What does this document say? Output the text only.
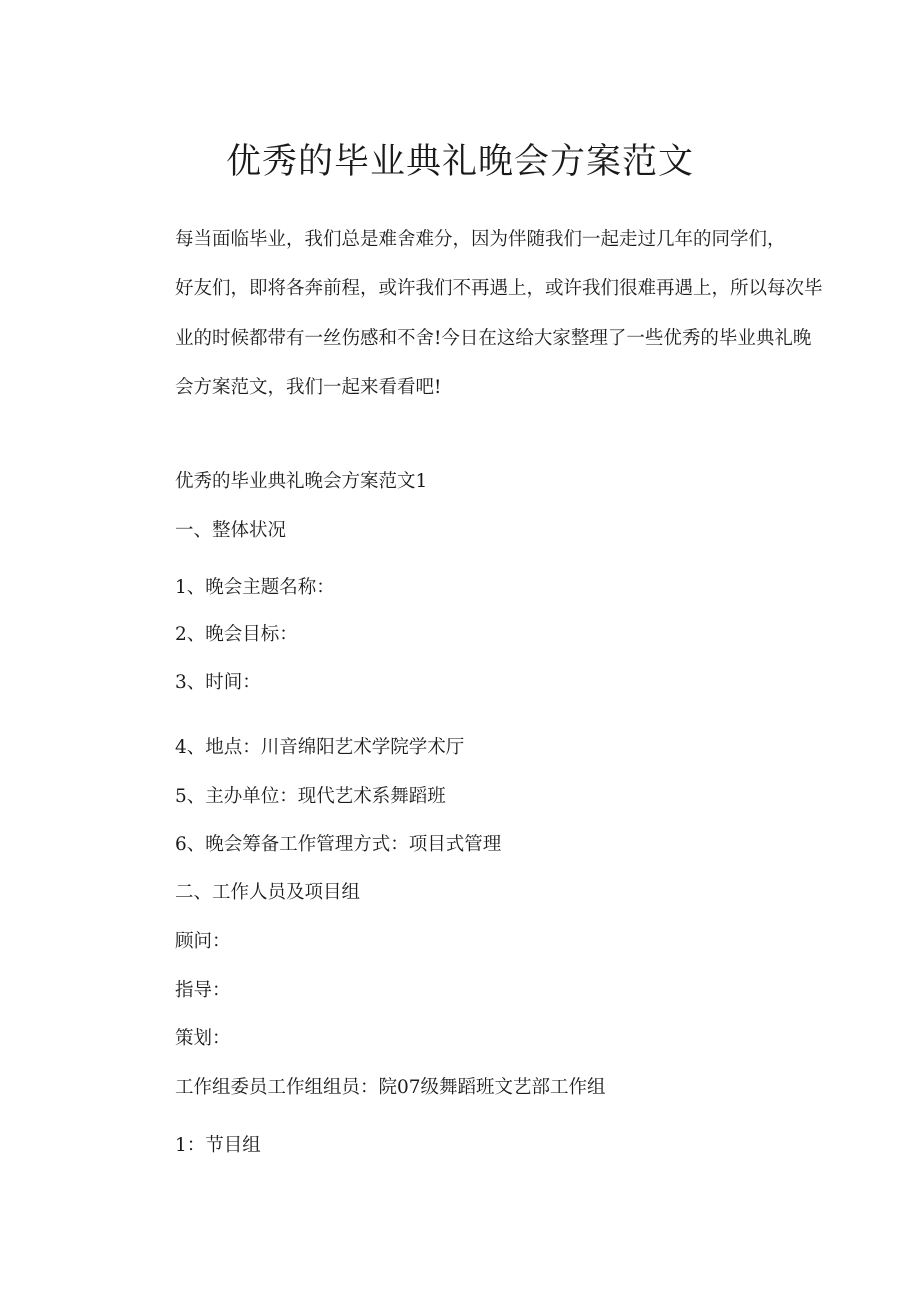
优秀的毕业典礼晚会方案范文
每当面临毕业，我们总是难舍难分，因为伴随我们一起走过几年的同学们，
好友们，即将各奔前程，或许我们不再遇上，或许我们很难再遇上，所以每次毕
业的时候都带有一丝伤感和不舍!今日在这给大家整理了一些优秀的毕业典礼晚
会方案范文，我们一起来看看吧!
优秀的毕业典礼晚会方案范文1
一、整体状况
1、晚会主题名称：
2、晚会目标：
3、时间：
4、地点：川音绵阳艺术学院学术厅
5、主办单位：现代艺术系舞蹈班
6、晚会筹备工作管理方式：项目式管理
二、工作人员及项目组
顾问：
指导：
策划：
工作组委员工作组组员：院07级舞蹈班文艺部工作组
1：节目组
